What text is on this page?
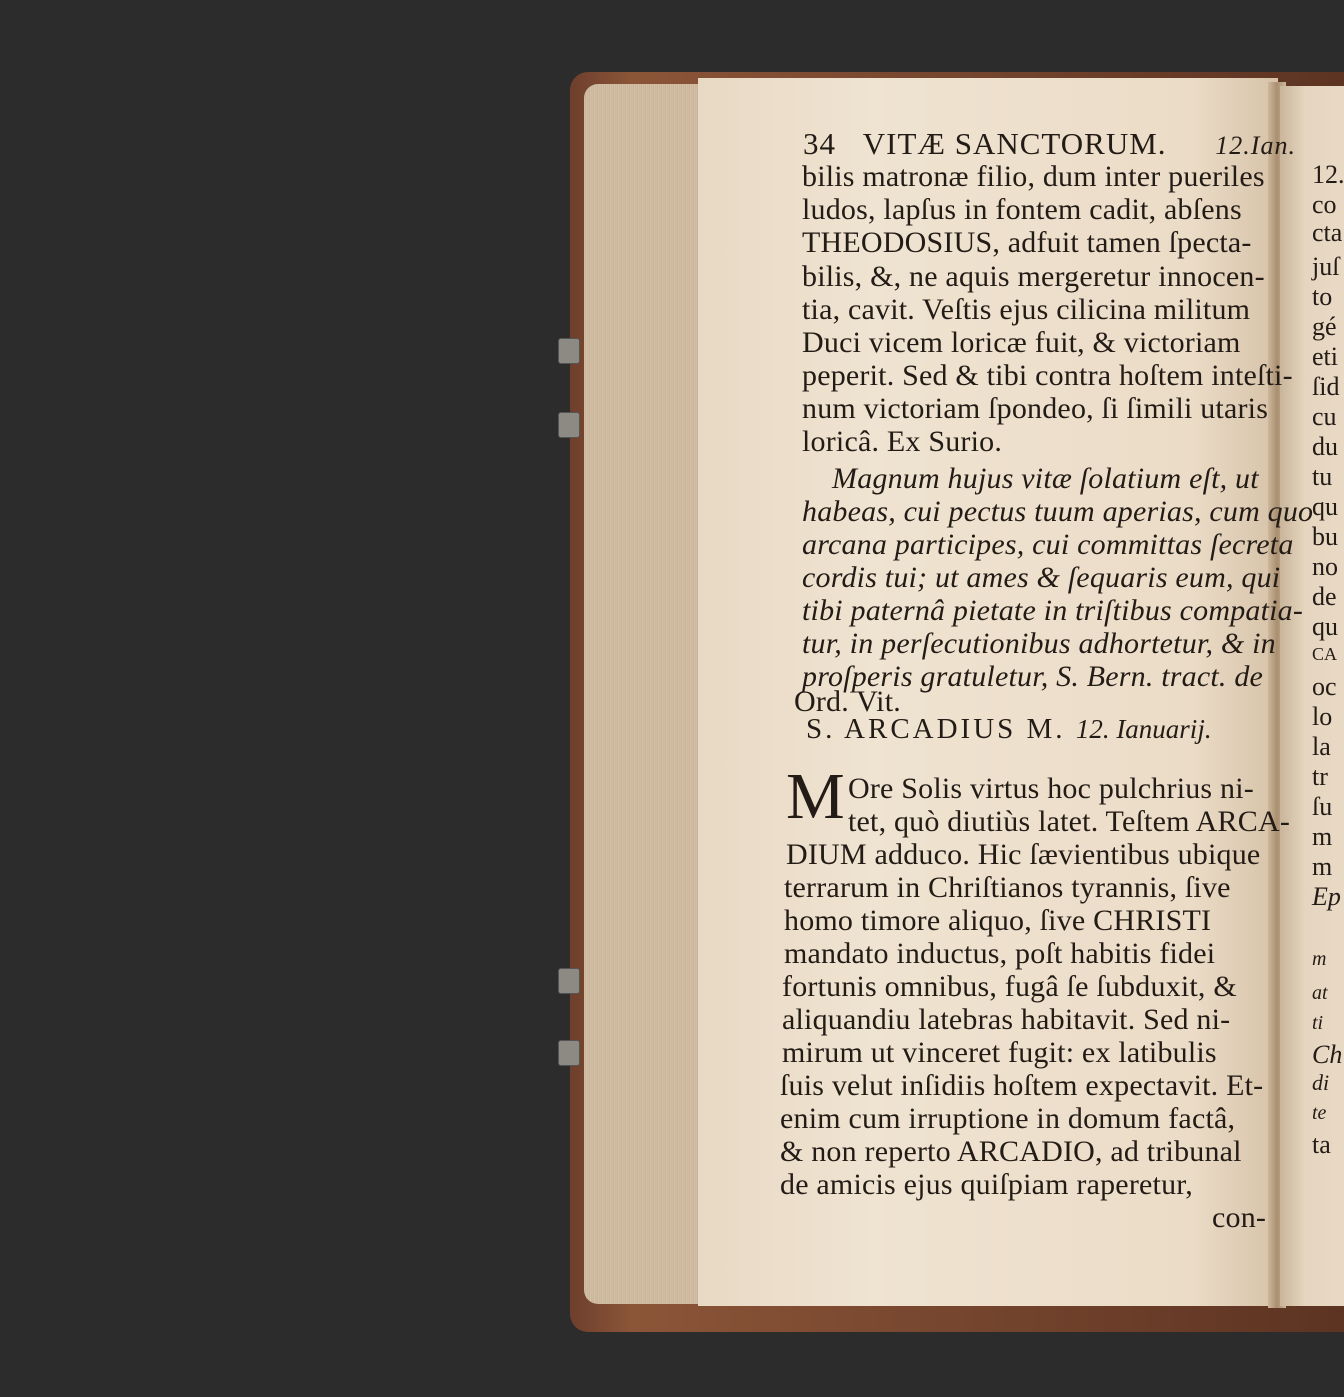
34 VITÆ SANCTORUM. 12.Ian.
bilis matronæ filio, dum inter pueriles
ludos, lapſus in fontem cadit, abſens
THEODOSIUS, adfuit tamen ſpecta-
bilis, &, ne aquis mergeretur innocen-
tia, cavit. Veſtis ejus cilicina militum
Duci vicem loricæ fuit, & victoriam
peperit. Sed & tibi contra hoſtem inteſti-
num victoriam ſpondeo, ſi ſimili utaris
loricâ. Ex Surio.
Magnum hujus vitæ ſolatium eſt, ut
habeas, cui pectus tuum aperias, cum quo
arcana participes, cui committas ſecreta
cordis tui; ut ames & ſequaris eum, qui
tibi paternâ pietate in triſtibus compatia-
tur, in perſecutionibus adhortetur, & in
proſperis gratuletur, S. Bern. tract. de
Ord. Vit.
S. ARCADIUS M. 12. Ianuarij.
M Ore Solis virtus hoc pulchrius ni-
tet, quò diutiùs latet. Teſtem ARCA-
DIUM adduco. Hic ſævientibus ubique
terrarum in Chriſtianos tyrannis, ſive
homo timore aliquo, ſive CHRISTI
mandato inductus, poſt habitis fidei
fortunis omnibus, fugâ ſe ſubduxit, &
aliquandiu latebras habitavit. Sed ni-
mirum ut vinceret fugit: ex latibulis
ſuis velut inſidiis hoſtem expectavit. Et-
enim cum irruptione in domum factâ,
& non reperto ARCADIO, ad tribunal
de amicis ejus quiſpiam raperetur,
con-
12.
co
cta
juſ
to
gé
eti
ſid
cu
du
tu
qu
bu
no
de
qu
CA
oc
lo
la
tr
ſu
m
m
Ep
m
at
ti
Ch
di
te
ta
